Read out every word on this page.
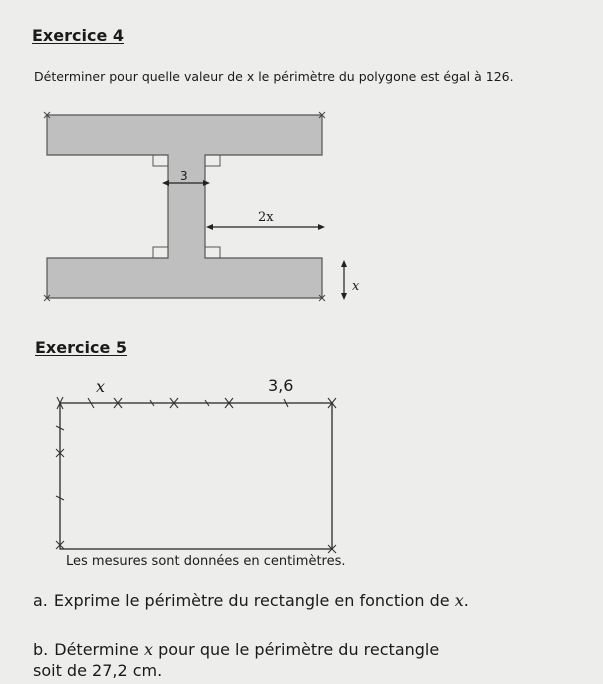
Exercice 4
Déterminer pour quelle valeur de x le périmètre du polygone est égal à 126.
3
2x
x
x	3,6
Exercice 5
Les mesures sont données en centimètres.
a. Exprime le périmètre du rectangle en fonction de x.
b. Détermine x pour que le périmètre du rectangle
soit de 27,2 cm.
